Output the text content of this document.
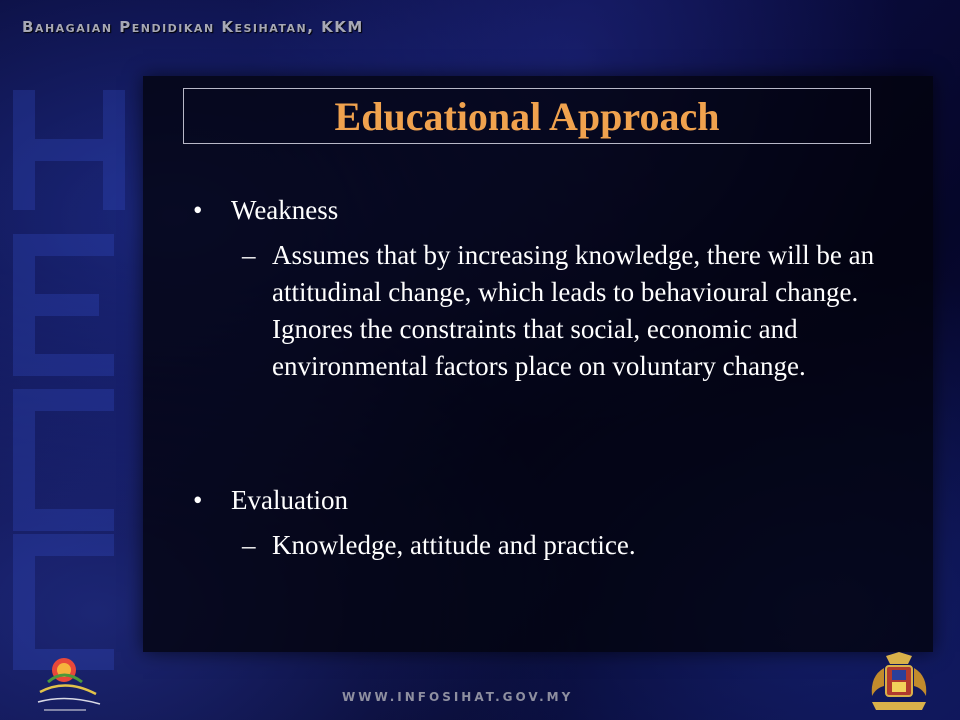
Bahagaian Pendidikan Kesihatan, KKM
Educational Approach
•	Weakness
– Assumes that by increasing knowledge, there will be an attitudinal change, which leads to behavioural change. Ignores the constraints that social, economic and environmental factors place on voluntary change.
•	Evaluation
– Knowledge, attitude and practice.
WWW.INFOSIHAT.GOV.MY
